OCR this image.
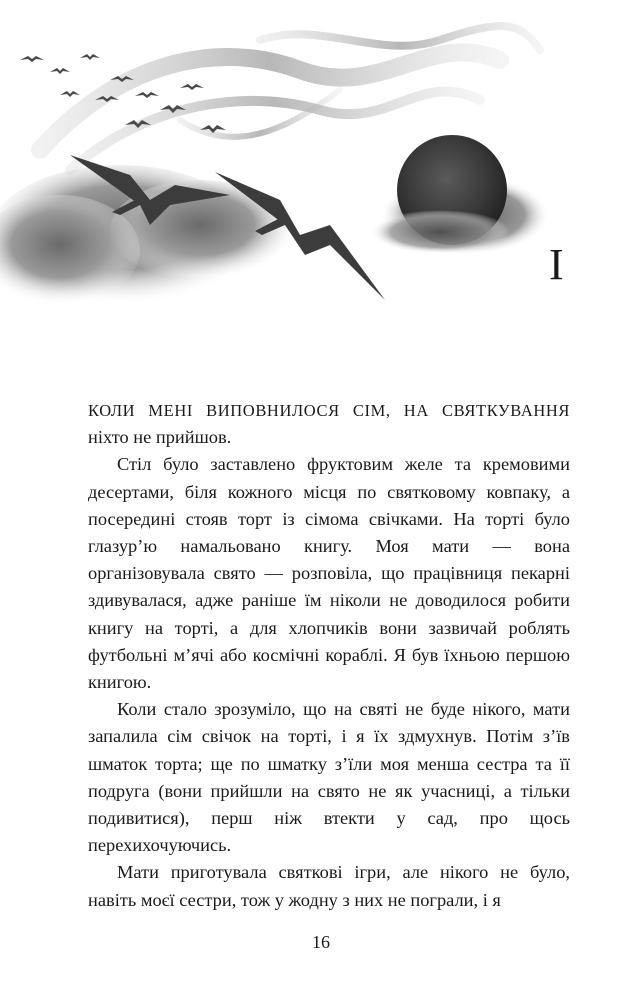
I

КОЛИ МЕНІ ВИПОВНИЛОСЯ СІМ, НА СВЯТКУВАННЯ ніхто не прийшов.

Стіл було заставлено фруктовим желе та кремовими десертами, біля кожного місця по святковому ковпаку, а посередині стояв торт із сімома свічками. На торті було глазур’ю намальовано книгу. Моя мати — вона організовувала свято — розповіла, що працівниця пекарні здивувалася, адже раніше їм ніколи не доводилося робити книгу на торті, а для хлопчиків вони зазвичай роблять футбольні м’ячі або космічні кораблі. Я був їхньою першою книгою.

Коли стало зрозуміло, що на святі не буде нікого, мати запалила сім свічок на торті, і я їх здмухнув. Потім з’їв шматок торта; ще по шматку з’їли моя менша сестра та її подруга (вони прийшли на свято не як учасниці, а тільки подивитися), перш ніж втекти у сад, про щось перехихочуючись.

Мати приготувала святкові ігри, але нікого не було, навіть моєї сестри, тож у жодну з них не пограли, і я

16
